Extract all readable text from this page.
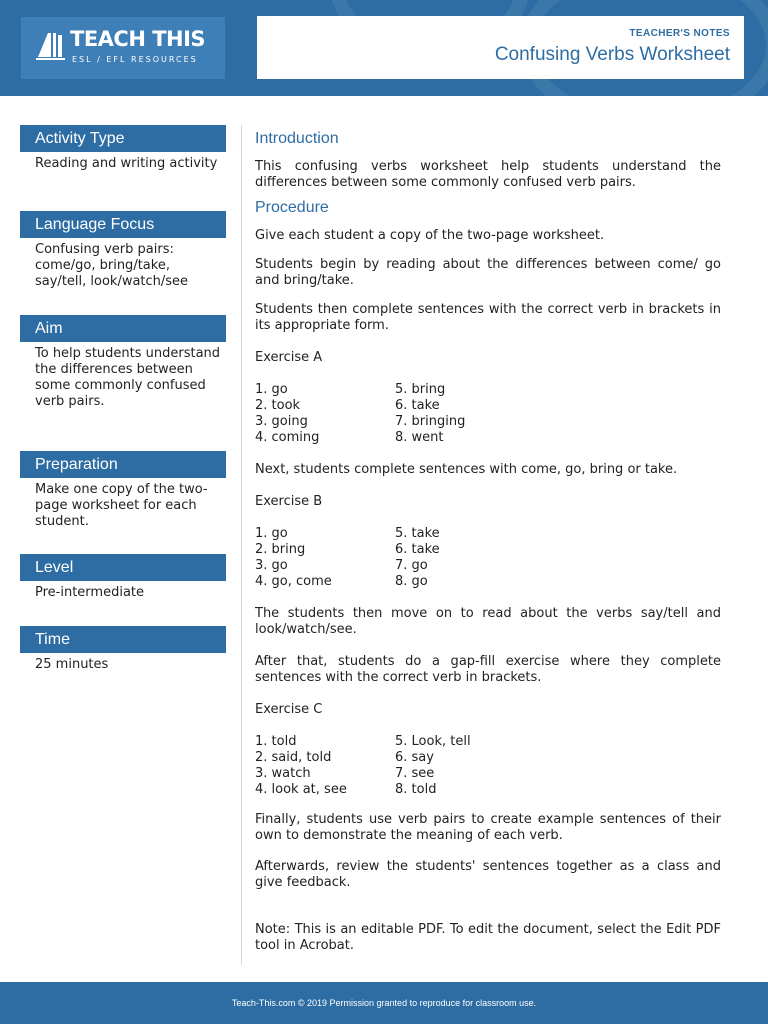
TEACH THIS
ESL / EFL RESOURCES
TEACHER'S NOTES
Confusing Verbs Worksheet
Activity Type
Reading and writing activity
Language Focus
Confusing verb pairs: come/go, bring/take, say/tell, look/watch/see
Aim
To help students understand the differences between some commonly confused verb pairs.
Preparation
Make one copy of the two-page worksheet for each student.
Level
Pre-intermediate
Time
25 minutes
Introduction
This confusing verbs worksheet help students understand the differences between some commonly confused verb pairs.
Procedure
Give each student a copy of the two-page worksheet.
Students begin by reading about the differences between come/ go and bring/take.
Students then complete sentences with the correct verb in brackets in its appropriate form.
Exercise A
1. go	5. bring
2. took	6. take
3. going	7. bringing
4. coming	8. went
Next, students complete sentences with come, go, bring or take.
Exercise B
1. go	5. take
2. bring	6. take
3. go	7. go
4. go, come	8. go
The students then move on to read about the verbs say/tell and look/watch/see.
After that, students do a gap-fill exercise where they complete sentences with the correct verb in brackets.
Exercise C
1. told	5. Look, tell
2. said, told	6. say
3. watch	7. see
4. look at, see	8. told
Finally, students use verb pairs to create example sentences of their own to demonstrate the meaning of each verb.
Afterwards, review the students' sentences together as a class and give feedback.
Note: This is an editable PDF. To edit the document, select the Edit PDF tool in Acrobat.
Teach-This.com © 2019 Permission granted to reproduce for classroom use.
